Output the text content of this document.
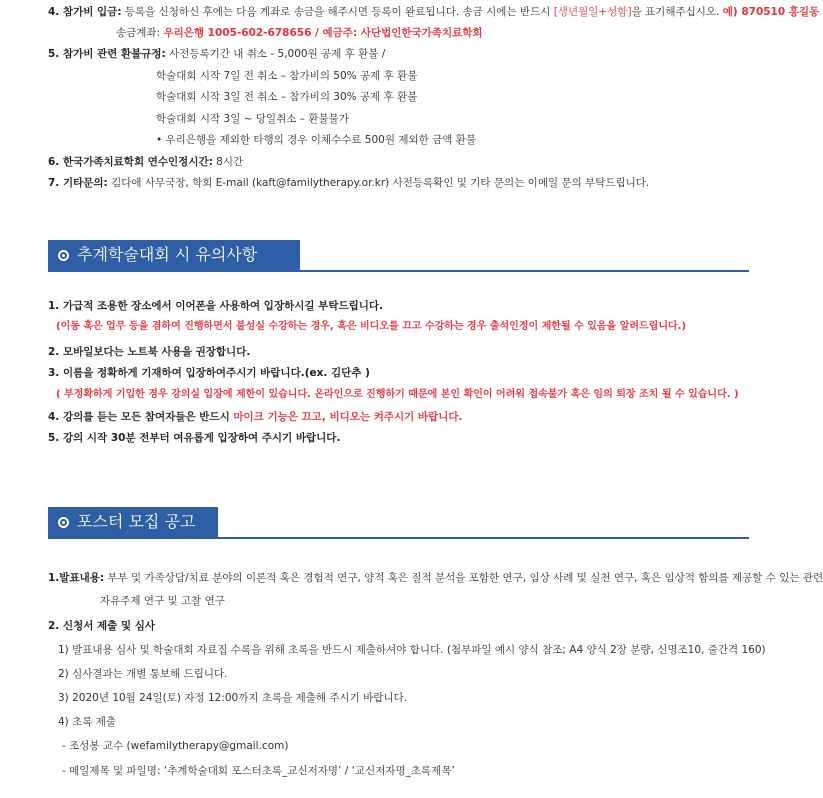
4. 참가비 입금: 등록을 신청하신 후에는 다음 계좌로 송금을 해주시면 등록이 완료됩니다. 송금 시에는 반드시 [생년월일+성함]을 표기해주십시오. 예) 870510 홍길동
송금계좌: 우리은행 1005-602-678656 / 예금주: 사단법인한국가족치료학회
5. 참가비 관련 환불규정: 사전등록기간 내 취소 - 5,000원 공제 후 환불 /
학술대회 시작 7일 전 취소 – 참가비의 50% 공제 후 환불
학술대회 시작 3일 전 취소 – 참가비의 30% 공제 후 환불
학술대회 시작 3일 ~ 당일취소 – 환불불가
• 우리은행을 제외한 타행의 경우 이체수수료 500원 제외한 금액 환불
6. 한국가족치료학회 연수인정시간: 8시간
7. 기타문의: 김다애 사무국장, 학회 E-mail (kaft@familytherapy.or.kr) 사전등록확인 및 기타 문의는 이메일 문의 부탁드립니다.
추계학술대회 시 유의사항
1. 가급적 조용한 장소에서 이어폰을 사용하여 입장하시길 부탁드립니다.
(이동 혹은 업무 등을 겸하여 진행하면서 불성실 수강하는 경우, 혹은 비디오를 끄고 수강하는 경우 출석인정이 제한될 수 있음을 알려드립니다.)
2. 모바일보다는 노트북 사용을 권장합니다.
3. 이름을 정확하게 기재하여 입장하여주시기 바랍니다.(ex. 김단추 )
( 부정확하게 기입한 경우 강의실 입장에 제한이 있습니다. 온라인으로 진행하기 때문에 본인 확인이 어려워 접속불가 혹은 임의 퇴장 조치 될 수 있습니다. )
4. 강의를 듣는 모든 참여자들은 반드시 마이크 기능은 끄고, 비디오는 켜주시기 바랍니다.
5. 강의 시작 30분 전부터 여유롭게 입장하여 주시기 바랍니다.
포스터 모집 공고
1.발표내용: 부부 및 가족상담/치료 분야의 이론적 혹은 경험적 연구, 양적 혹은 질적 분석을 포함한 연구, 임상 사례 및 실천 연구, 혹은 임상적 함의를 제공할 수 있는 관련
자유주제 연구 및 고찰 연구
2. 신청서 제출 및 심사
1) 발표내용 심사 및 학술대회 자료집 수록을 위해 초록을 반드시 제출하셔야 합니다. (첨부파일 예시 양식 참조; A4 양식 2장 분량, 신명조10, 줄간격 160)
2) 심사결과는 개별 통보해 드립니다.
3) 2020년 10월 24일(토) 자정 12:00까지 초록을 제출해 주시기 바랍니다.
4) 초록 제출
- 조성봉 교수 (wefamilytherapy@gmail.com)
- 메일제목 및 파일명: ‘추계학술대회 포스터초록_교신저자명’ / ‘교신저자명_초록제목’
